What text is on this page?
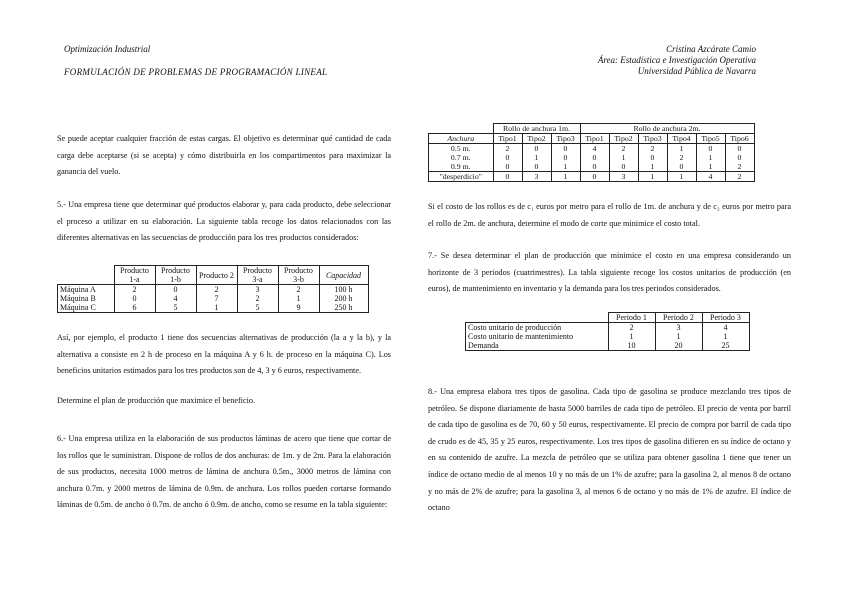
Optimización Industrial
FORMULACIÓN DE PROBLEMAS DE PROGRAMACIÓN LINEAL
Cristina Azcárate Camio
Área: Estadística e Investigación Operativa
Universidad Pública de Navarra
Se puede aceptar cualquier fracción de estas cargas. El objetivo es determinar qué cantidad de cada carga debe aceptarse (si se acepta) y cómo distribuirla en los compartimentos para maximizar la ganancia del vuelo.
5.- Una empresa tiene que determinar qué productos elaborar y, para cada producto, debe seleccionar el proceso a utilizar en su elaboración. La siguiente tabla recoge los datos relacionados con las diferentes alternativas en las secuencias de producción para los tres productos considerados:
	Producto 1-a	Producto 1-b	Producto 2	Producto 3-a	Producto 3-b	Capacidad
Máquina A	2	0	2	3	2	100 h
Máquina B	0	4	7	2	1	200 h
Máquina C	6	5	1	5	9	250 h
Así, por ejemplo, el producto 1 tiene dos secuencias alternativas de producción (la a y la b), y la alternativa a consiste en 2 h de proceso en la máquina A y 6 h. de proceso en la máquina C). Los beneficios unitarios estimados para los tres productos son de 4, 3 y 6 euros, respectivamente.
Determine el plan de producción que maximice el beneficio.
6.- Una empresa utiliza en la elaboración de sus productos láminas de acero que tiene que cortar de los rollos que le suministran. Dispone de rollos de dos anchuras: de 1m. y de 2m. Para la elaboración de sus productos, necesita 1000 metros de lámina de anchura 0.5m., 3000 metros de lámina con anchura 0.7m. y 2000 metros de lámina de 0.9m. de anchura. Los rollos pueden cortarse formando láminas de 0.5m. de ancho ó 0.7m. de ancho ó 0.9m. de ancho, como se resume en la tabla siguiente:
	Rollo de anchura 1m.			Rollo de anchura 2m.					
Anchura	Tipo1	Tipo2	Tipo3	Tipo1	Tipo2	Tipo3	Tipo4	Tipo5	Tipo6
0.5 m.	2	0	0	4	2	2	1	0	0
0.7 m.	0	1	0	0	1	0	2	1	0
0.9 m.	0	0	1	0	0	1	0	1	2
"desperdicio"	0	3	1	0	3	1	1	4	2
Si el costo de los rollos es de c₁ euros por metro para el rollo de 1m. de anchura y de c₂ euros por metro para el rollo de 2m. de anchura, determine el modo de corte que minimice el costo total.
7.- Se desea determinar el plan de producción que minimice el costo en una empresa considerando un horizonte de 3 periodos (cuatrimestres). La tabla siguiente recoge los costos unitarios de producción (en euros), de mantenimiento en inventario y la demanda para los tres periodos considerados.
	Periodo 1	Periodo 2	Periodo 3
Costo unitario de producción	2	3	4
Costo unitario de mantenimiento	1	1	1
Demanda	10	20	25
8.- Una empresa elabora tres tipos de gasolina. Cada tipo de gasolina se produce mezclando tres tipos de petróleo. Se dispone diariamente de hasta 5000 barriles de cada tipo de petróleo. El precio de venta por barril de cada tipo de gasolina es de 70, 60 y 50 euros, respectivamente. El precio de compra por barril de cada tipo de crudo es de 45, 35 y 25 euros, respectivamente. Los tres tipos de gasolina difieren en su índice de octano y en su contenido de azufre. La mezcla de petróleo que se utiliza para obtener gasolina 1 tiene que tener un índice de octano medio de al menos 10 y no más de un 1% de azufre; para la gasolina 2, al menos 8 de octano y no más de 2% de azufre; para la gasolina 3, al menos 6 de octano y no más de 1% de azufre. El índice de octano
